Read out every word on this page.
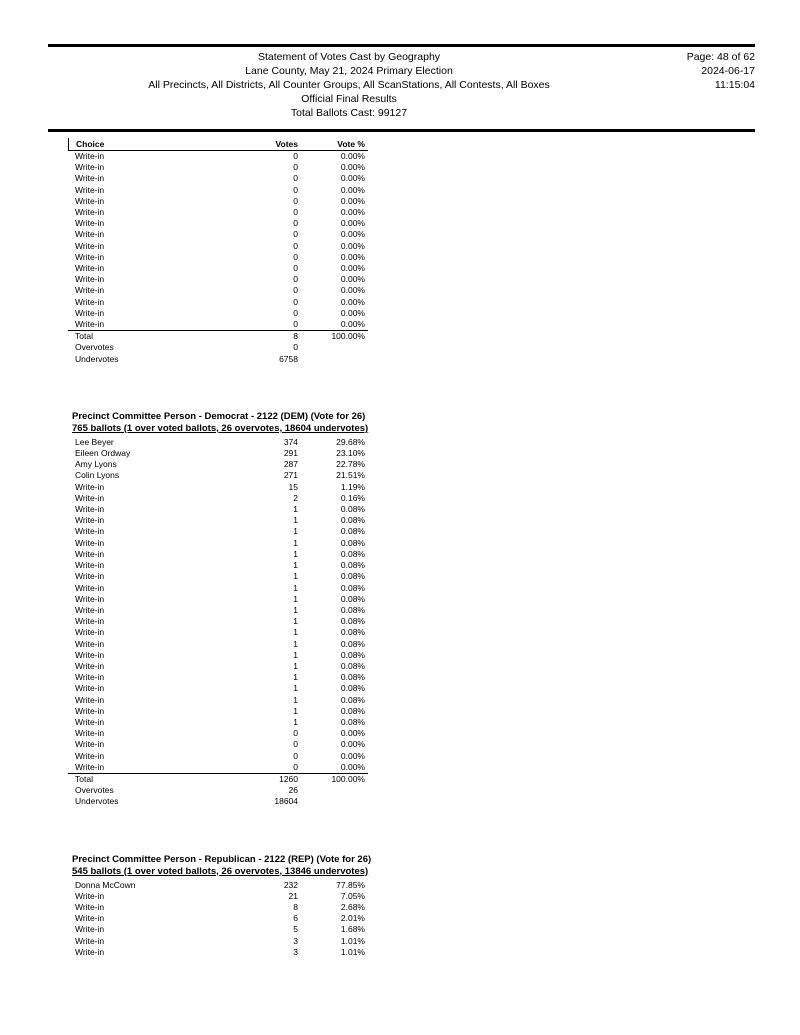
Statement of Votes Cast by Geography
Lane County, May 21, 2024 Primary Election
All Precincts, All Districts, All Counter Groups, All ScanStations, All Contests, All Boxes
Official Final Results
Total Ballots Cast: 99127
Page: 48 of 62
2024-06-17
11:15:04
Choice	Votes	Vote %
Write-in	0	0.00%
Write-in	0	0.00%
Write-in	0	0.00%
Write-in	0	0.00%
Write-in	0	0.00%
Write-in	0	0.00%
Write-in	0	0.00%
Write-in	0	0.00%
Write-in	0	0.00%
Write-in	0	0.00%
Write-in	0	0.00%
Write-in	0	0.00%
Write-in	0	0.00%
Write-in	0	0.00%
Write-in	0	0.00%
Write-in	0	0.00%
Total	8	100.00%
Overvotes	0
Undervotes	6758
Precinct Committee Person - Democrat - 2122 (DEM) (Vote for 26)
765 ballots (1 over voted ballots, 26 overvotes, 18604 undervotes)
Lee Beyer	374	29.68%
Eileen Ordway	291	23.10%
Amy Lyons	287	22.78%
Colin Lyons	271	21.51%
Write-in	15	1.19%
Write-in	2	0.16%
Write-in	1	0.08%
Write-in	1	0.08%
Write-in	1	0.08%
Write-in	1	0.08%
Write-in	1	0.08%
Write-in	1	0.08%
Write-in	1	0.08%
Write-in	1	0.08%
Write-in	1	0.08%
Write-in	1	0.08%
Write-in	1	0.08%
Write-in	1	0.08%
Write-in	1	0.08%
Write-in	1	0.08%
Write-in	1	0.08%
Write-in	1	0.08%
Write-in	1	0.08%
Write-in	1	0.08%
Write-in	1	0.08%
Write-in	1	0.08%
Write-in	0	0.00%
Write-in	0	0.00%
Write-in	0	0.00%
Write-in	0	0.00%
Total	1260	100.00%
Overvotes	26
Undervotes	18604
Precinct Committee Person - Republican - 2122 (REP) (Vote for 26)
545 ballots (1 over voted ballots, 26 overvotes, 13846 undervotes)
Donna McCown	232	77.85%
Write-in	21	7.05%
Write-in	8	2.68%
Write-in	6	2.01%
Write-in	5	1.68%
Write-in	3	1.01%
Write-in	3	1.01%
